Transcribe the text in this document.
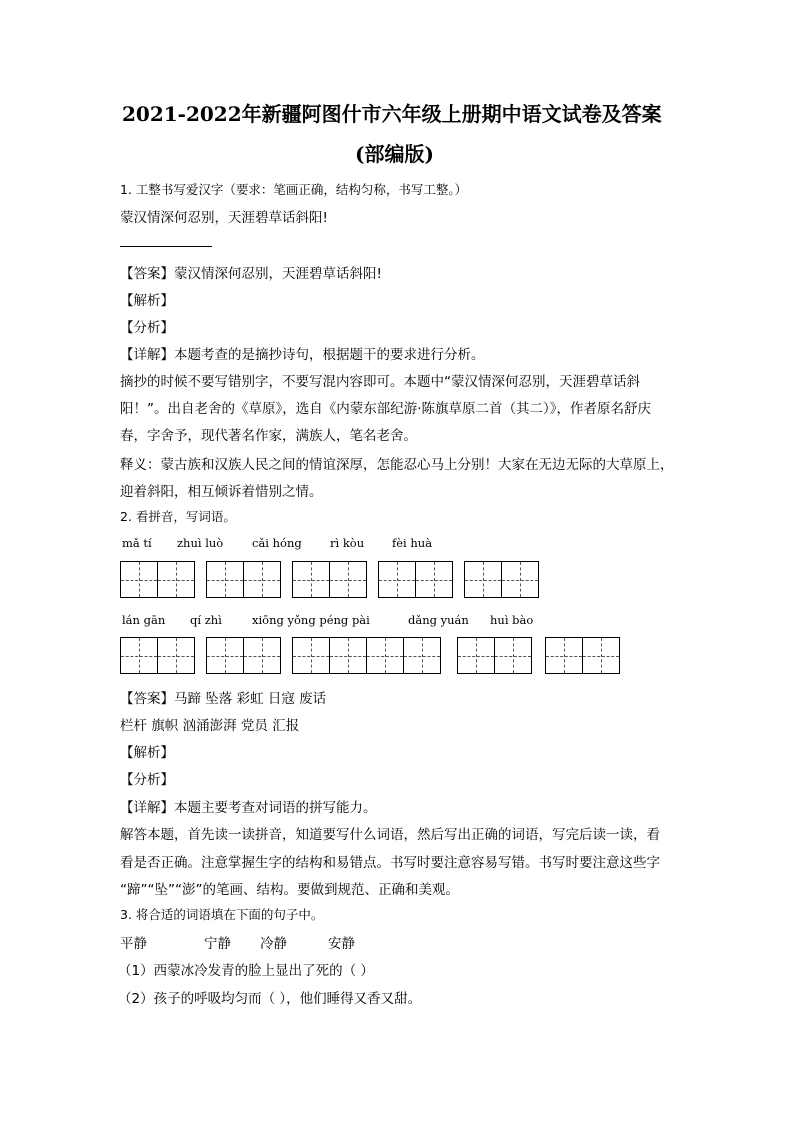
2021-2022年新疆阿图什市六年级上册期中语文试卷及答案
(部编版)
1. 工整书写爱汉字（要求：笔画正确，结构匀称，书写工整。）
蒙汉情深何忍别，天涯碧草话斜阳!
【答案】蒙汉情深何忍别，天涯碧草话斜阳!
【解析】
【分析】
【详解】本题考查的是摘抄诗句，根据题干的要求进行分析。
摘抄的时候不要写错别字，不要写混内容即可。本题中“蒙汉情深何忍别，天涯碧草话斜
阳！”。出自老舍的《草原》，选自《内蒙东部纪游·陈旗草原二首（其二）》，作者原名舒庆
春，字舍予，现代著名作家，满族人，笔名老舍。
释义：蒙古族和汉族人民之间的情谊深厚，怎能忍心马上分别！大家在无边无际的大草原上，
迎着斜阳，相互倾诉着惜别之情。
2. 看拼音，写词语。
mǎ tí zhuì luò	cǎi hóng rì kòu fèi huà
lán gān qí zhì	xiōng yǒng péng pài	dǎng yuán huì bào
【答案】马蹄 坠落 彩虹 日寇 废话
栏杆 旗帜 汹涌澎湃 党员 汇报
【解析】
【分析】
【详解】本题主要考查对词语的拼写能力。
解答本题，首先读一读拼音，知道要写什么词语，然后写出正确的词语，写完后读一读，看
看是否正确。注意掌握生字的结构和易错点。书写时要注意容易写错。书写时要注意这些字
“蹄”“坠”“澎”的笔画、结构。要做到规范、正确和美观。
3. 将合适的词语填在下面的句子中。
平静	宁静 冷静	安静
（1）西蒙冰冷发青的脸上显出了死的（ ）
（2）孩子的呼吸均匀而（ ），他们睡得又香又甜。
